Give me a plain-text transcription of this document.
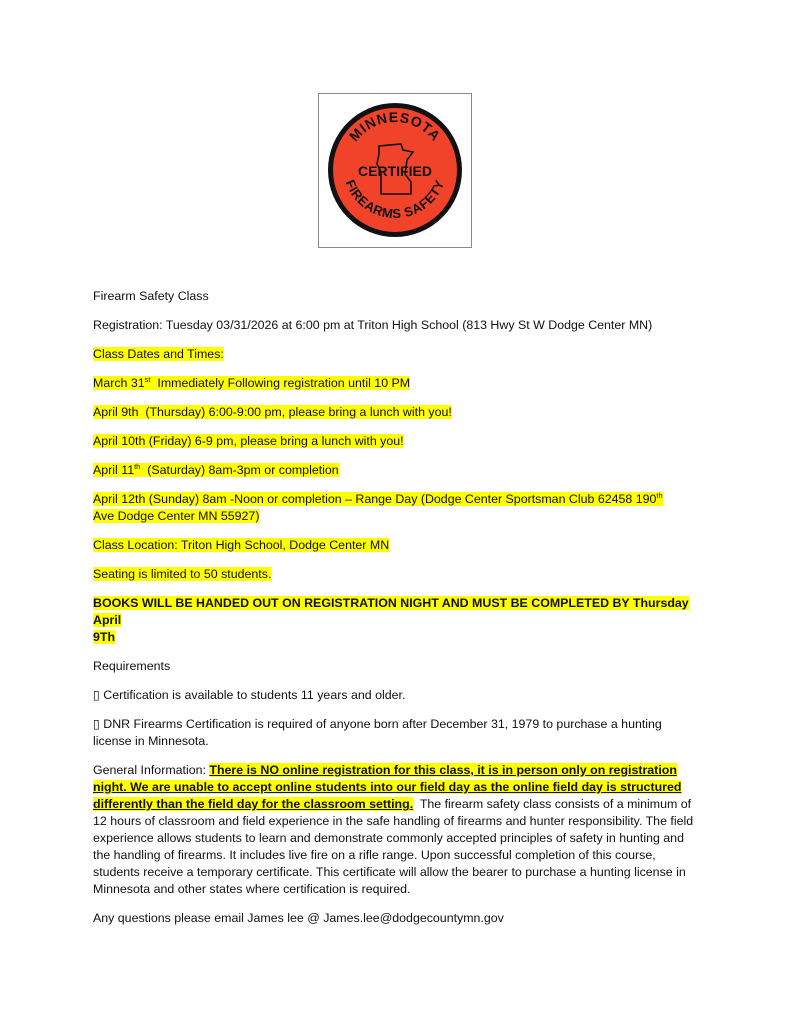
MINNESOTA
CERTIFIED
FIREARMS SAFETY

Firearm Safety Class

Registration: Tuesday 03/31/2026 at 6:00 pm at Triton High School (813 Hwy St W Dodge Center MN)

Class Dates and Times:

March 31st  Immediately Following registration until 10 PM

April 9th  (Thursday) 6:00-9:00 pm, please bring a lunch with you!

April 10th (Friday) 6-9 pm, please bring a lunch with you!

April 11th  (Saturday) 8am-3pm or completion

April 12th (Sunday) 8am -Noon or completion – Range Day (Dodge Center Sportsman Club 62458 190th
Ave Dodge Center MN 55927)

Class Location: Triton High School, Dodge Center MN

Seating is limited to 50 students.

BOOKS WILL BE HANDED OUT ON REGISTRATION NIGHT AND MUST BE COMPLETED BY Thursday April
9Th

Requirements

▯ Certification is available to students 11 years and older.

▯ DNR Firearms Certification is required of anyone born after December 31, 1979 to purchase a hunting license in Minnesota.

General Information: There is NO online registration for this class, it is in person only on registration night. We are unable to accept online students into our field day as the online field day is structured differently than the field day for the classroom setting.  The firearm safety class consists of a minimum of 12 hours of classroom and field experience in the safe handling of firearms and hunter responsibility. The field experience allows students to learn and demonstrate commonly accepted principles of safety in hunting and the handling of firearms. It includes live fire on a rifle range. Upon successful completion of this course, students receive a temporary certificate. This certificate will allow the bearer to purchase a hunting license in Minnesota and other states where certification is required.

Any questions please email James lee @ James.lee@dodgecountymn.gov
